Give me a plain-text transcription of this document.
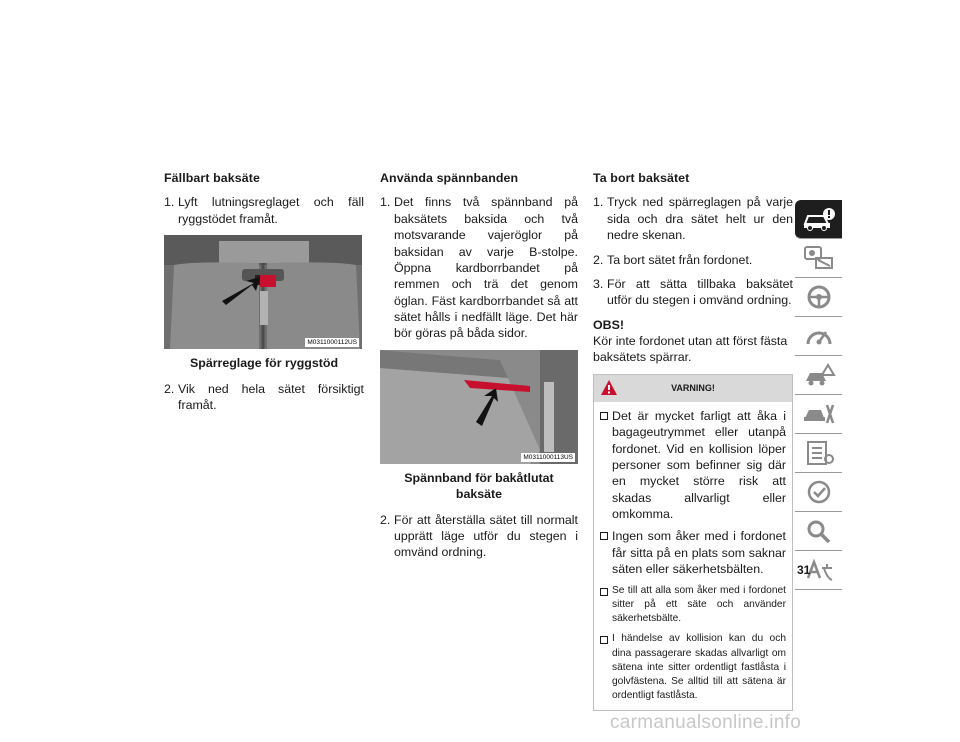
Fällbart baksäte
1. Lyft lutningsreglaget och fäll ryggstödet framåt.
M0311000112US
Spärreglage för ryggstöd
2. Vik ned hela sätet försiktigt framåt.
Använda spännbanden
1. Det finns två spännband på baksätets baksida och två motsvarande vajeröglor på baksidan av varje B-stolpe. Öppna kardborrbandet på remmen och trä det genom öglan. Fäst kardborrbandet så att sätet hålls i nedfällt läge. Det här bör göras på båda sidor.
M0311000113US
Spännband för bakåtlutat baksäte
2. För att återställa sätet till normalt upprätt läge utför du stegen i omvänd ordning.
Ta bort baksätet
1. Tryck ned spärreglagen på varje sida och dra sätet helt ur den nedre skenan.
2. Ta bort sätet från fordonet.
3. För att sätta tillbaka baksätet utför du stegen i omvänd ordning.
OBS!
Kör inte fordonet utan att först fästa baksätets spärrar.
VARNING!
Det är mycket farligt att åka i bagageutrymmet eller utanpå fordonet. Vid en kollision löper personer som befinner sig där en mycket större risk att skadas allvarligt eller omkomma.
Ingen som åker med i fordonet får sitta på en plats som saknar säten eller säkerhetsbälten.
Se till att alla som åker med i fordonet sitter på ett säte och använder säkerhetsbälte.
I händelse av kollision kan du och dina passagerare skadas allvarligt om sätena inte sitter ordentligt fastlåsta i golvfästena. Se alltid till att sätena är ordentligt fastlåsta.
31
carmanualsonline.info
